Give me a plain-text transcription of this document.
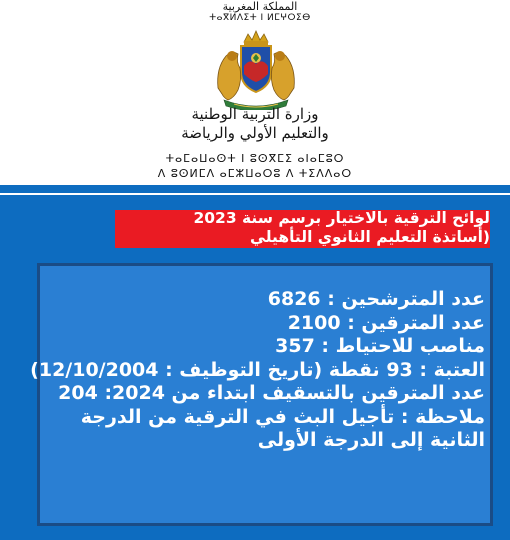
المملكة المغربية
ⵜⴰⴳⵍⴷⵉⵜ ⵏ ⵍⵎⵖⵔⵉⴱ
وزارة التربية الوطنية
والتعليم الأولي والرياضة
ⵜⴰⵎⴰⵡⴰⵙⵜ ⵏ ⵓⵙⴳⵎⵉ ⴰⵏⴰⵎⵓⵔ
ⴷ ⵓⵙⵍⵎⴷ ⴰⵎⵣⵡⴰⵔⵓ ⴷ ⵜⵉⴷⴷⴰⵔ
لوائح الترقية بالاختيار برسم سنة 2023
(أساتذة التعليم الثانوي التأهيلي
عدد المترشحين : 6826
عدد المترقين : 2100
مناصب للاحتياط : 357
العتبة : 93 نقطة (تاريخ التوظيف : 12/10/2004)
عدد المترقين بالتسقيف ابتداء من 2024: 204
ملاحظة : تأجيل البث في الترقية من الدرجة
الثانية إلى الدرجة الأولى
